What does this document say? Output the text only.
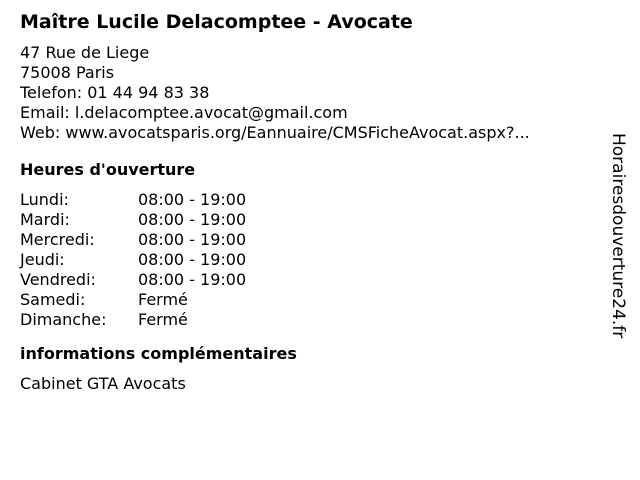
Maître Lucile Delacomptee - Avocate
47 Rue de Liege
75008 Paris
Telefon: 01 44 94 83 38
Email: l.delacomptee.avocat@gmail.com
Web: www.avocatsparis.org/Eannuaire/CMSFicheAvocat.aspx?...
Heures d'ouverture
Lundi:	08:00 - 19:00
Mardi:	08:00 - 19:00
Mercredi:	08:00 - 19:00
Jeudi:	08:00 - 19:00
Vendredi:	08:00 - 19:00
Samedi:	Fermé
Dimanche:	Fermé
informations complémentaires
Cabinet GTA Avocats
Horairesdouverture24.fr
